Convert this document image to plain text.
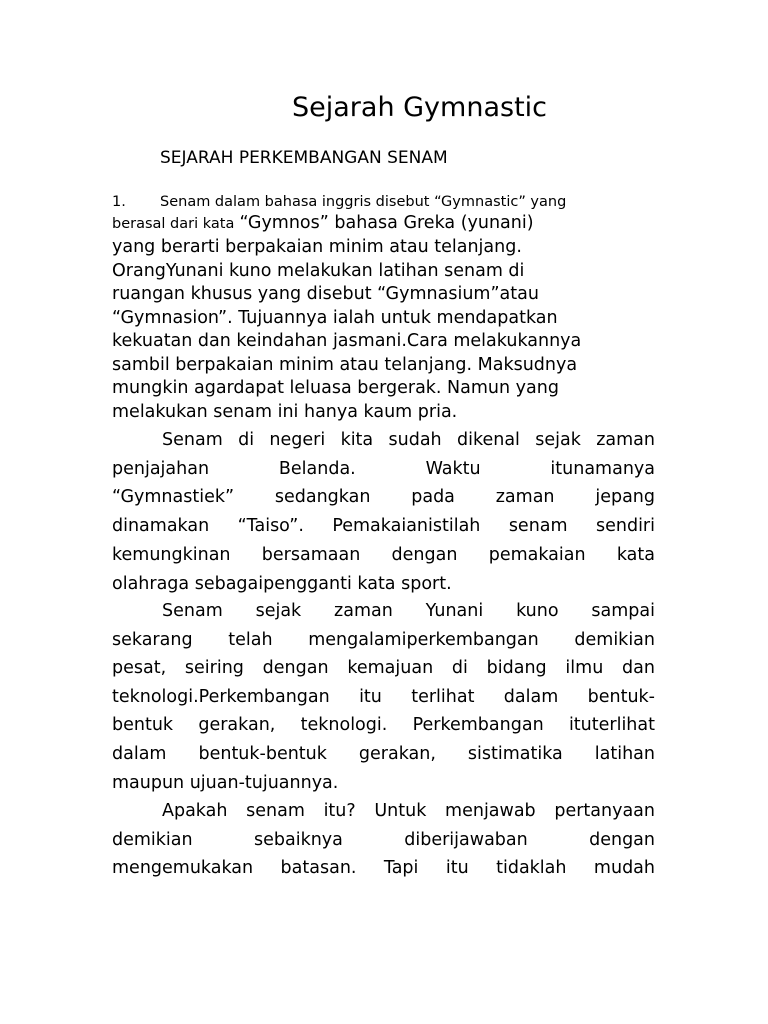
Sejarah Gymnastic
SEJARAH PERKEMBANGAN SENAM
1. Senam dalam bahasa inggris disebut “Gymnastic” yang
berasal dari kata “Gymnos” bahasa Greka (yunani)
yang berarti berpakaian minim atau telanjang.
OrangYunani kuno melakukan latihan senam di
ruangan khusus yang disebut “Gymnasium”atau
“Gymnasion”. Tujuannya ialah untuk mendapatkan
kekuatan dan keindahan jasmani.Cara melakukannya
sambil berpakaian minim atau telanjang. Maksudnya
mungkin agardapat leluasa bergerak. Namun yang
melakukan senam ini hanya kaum pria.
Senam di negeri kita sudah dikenal sejak zaman
penjajahan Belanda. Waktu itunamanya
“Gymnastiek” sedangkan pada zaman jepang
dinamakan “Taiso”. Pemakaianistilah senam sendiri
kemungkinan bersamaan dengan pemakaian kata
olahraga sebagaipengganti kata sport.
Senam sejak zaman Yunani kuno sampai
sekarang telah mengalamiperkembangan demikian
pesat, seiring dengan kemajuan di bidang ilmu dan
teknologi.Perkembangan itu terlihat dalam bentuk-
bentuk gerakan, teknologi. Perkembangan ituterlihat
dalam bentuk-bentuk gerakan, sistimatika latihan
maupun ujuan-tujuannya.
Apakah senam itu? Untuk menjawab pertanyaan
demikian sebaiknya diberijawaban dengan
mengemukakan batasan. Tapi itu tidaklah mudah
